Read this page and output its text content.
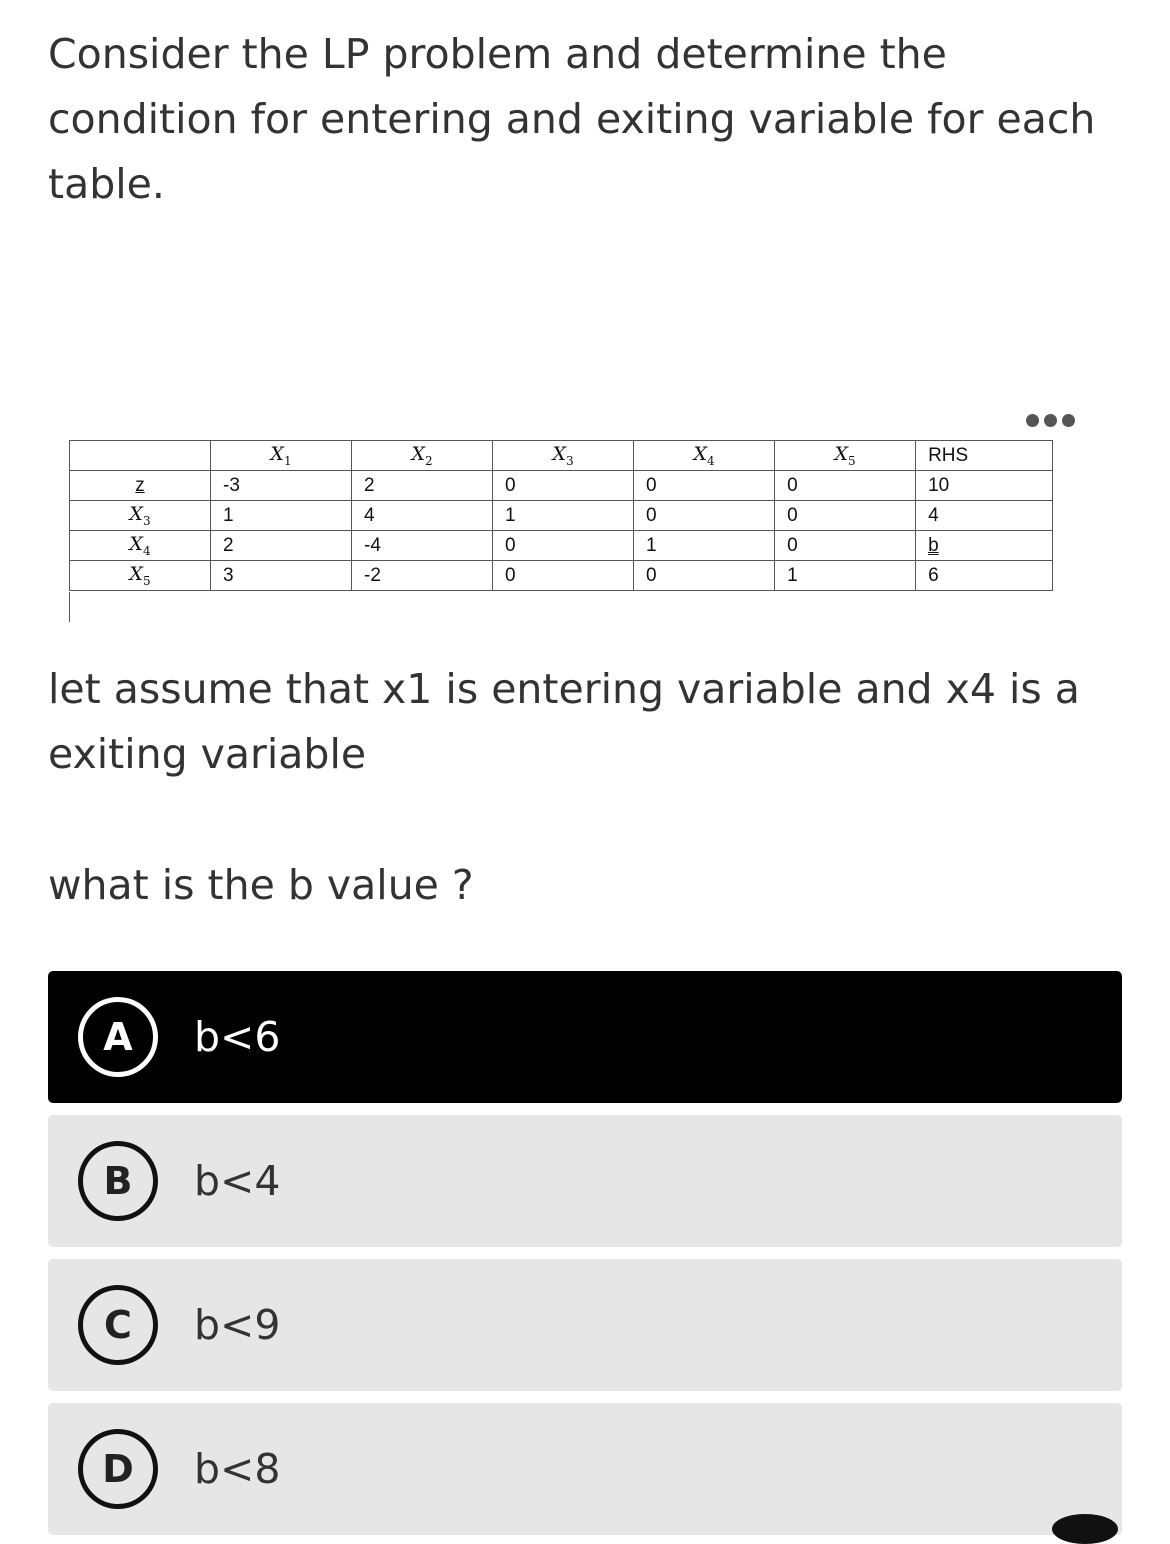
Consider the LP problem and determine the condition for entering and exiting variable for each table.

	$X_1$		$X_2$		$X_3$		$X_4$		$X_5$		RHS
z	-3		2		0		0		0		10
$X_3$	1		4		1		0		0		4
$X_4$	2		-4		0		1		0		b
$X_5$	3		-2		0		0		1		6

let assume that x1 is entering variable and x4 is a exiting variable

what is the b value ?

A	b<6
B	b<4
C	b<9
D	b<8
